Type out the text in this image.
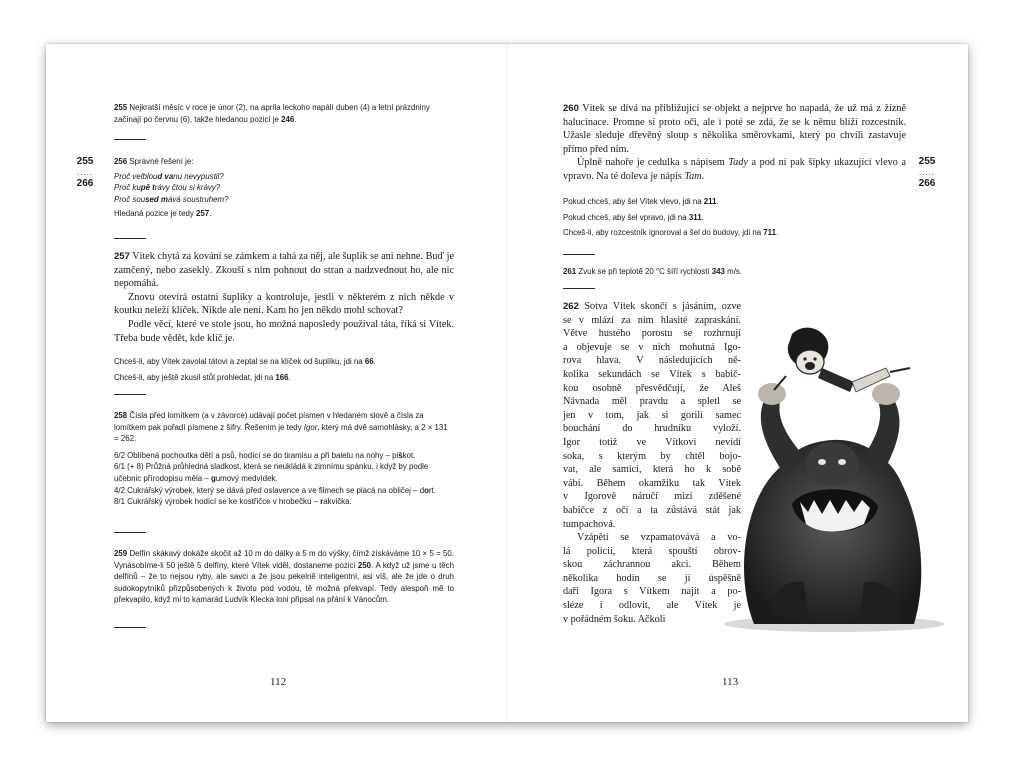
255
.....
266

255 Nejkratší měsíc v roce je únor (2), na apríla leckoho napálí duben (4) a letní prázdniny začínají po červnu (6), takže hledanou pozicí je 246.

256 Správné řešení je:

Proč velbloud vanu nevypustil?

Proč kupě trávy čtou si krávy?

Proč soused mává soustruhem?

Hledaná pozice je tedy 257.

257 Vítek chytá za kování se zámkem a tahá za něj, ale šuplík se ani nehne. Buď je zamčený, nebo zaseklý. Zkouší s ním pohnout do stran a nadzvednout ho, ale nic nepomáhá.

Znovu otevírá ostatní šuplíky a kontroluje, jestli v některém z nich někde v koutku neleží klíček. Nikde ale není. Kam ho jen někdo mohl schovat?

Podle věcí, které ve stole jsou, ho možná naposledy používal táta, říká si Vítek. Třeba bude vědět, kde klíč je.

Chceš-li, aby Vítek zavolal tátovi a zeptal se na klíček od šuplíku, jdi na 66.

Chceš-li, aby ještě zkusil stůl prohledat, jdi na 166.

258 Čísla před lomítkem (a v závorce) udávají počet písmen v hledaném slově a čísla za lomítkem pak pořadí písmene z šifry. Řešením je tedy Igor, který má dvě samohlásky, a 2 × 131 = 262.

6/2 Oblíbená pochoutka dětí a psů, hodící se do tiramisu a při baletu na nohy – piškot.

6/1 (+ 8) Průžná průhledná sladkost, která se neukládá k zimnímu spánku, i když by podle učebnic přírodopisu měla – gumový medvídek.

4/2 Cukrářský výrobek, který se dává před oslavence a ve filmech se placá na obličej – dort.

8/1 Cukrářský výrobek hodící se ke kostřičce v hrobečku – rakvička.

259 Delfín skákavý dokáže skočit až 10 m do dálky a 5 m do výšky, čímž získáváme 10 × 5 = 50. Vynásobíme-li 50 ještě 5 delfíny, které Vítek viděl, dostaneme pozici 250. A když už jsme u těch delfínů – že to nejsou ryby, ale savci a že jsou pekelně inteligentní, asi víš, ale že jde o druh sudokopytníků přizpůsobených k životu pod vodou, tě možná překvapí. Tedy alespoň mě to překvapilo, když mi to kamarád Ludvík Klecka loni připsal na přání k Vánocům.

112
255
.....
266

260 Vítek se dívá na přibližující se objekt a nejprve ho napadá, že už má z žízně halucinace. Promne si proto oči, ale i poté se zdá, že se k němu blíží rozcestník. Užasle sleduje dřevěný sloup s několika směrovkami, který po chvíli zastavuje přímo před ním.

Úplně nahoře je cedulka s nápisem Tady a pod ní pak šipky ukazující vlevo a vpravo. Na té doleva je nápis Tam.

Pokud chceš, aby šel Vítek vlevo, jdi na 211.

Pokud chceš, aby šel vpravo, jdi na 311.

Chceš-li, aby rozcestník ignoroval a šel do budovy, jdi na 711.

261 Zvuk se při teplotě 20 °C šíří rychlostí 343 m/s.

262 Sotva Vítek skončí s jásáním, ozve
se v mlází za ním hlasité zapraskání.
Větve hustého porostu se rozhrnují
a objevuje se v nich mohutná Igo-
rova hlava. V následujících ně-
kolika sekundách se Vítek s babič-
kou osobně přesvědčují, že Aleš
Návnada měl pravdu a spletl se
jen v tom, jak si gorilí samec
bouchání do hrudníku vyloží.
Igor totiž ve Vítkovi nevidí
soka, s kterým by chtěl bojo-
vat, ale samici, která ho k sobě
vábí. Během okamžiku tak Vítek
v Igorově náručí mizí zděšené
babičce z očí a ta zůstává stát jak
tumpachová.
Vzápětí se vzpamatovává a vo-
lá policii, která spouští obrov-
skou záchrannou akci. Během
několika hodin se jí úspěšně
daří Igora s Vítkem najít a po-
sléze i odlovit, ale Vítek je
v pořádném šoku. Ačkoli
113
